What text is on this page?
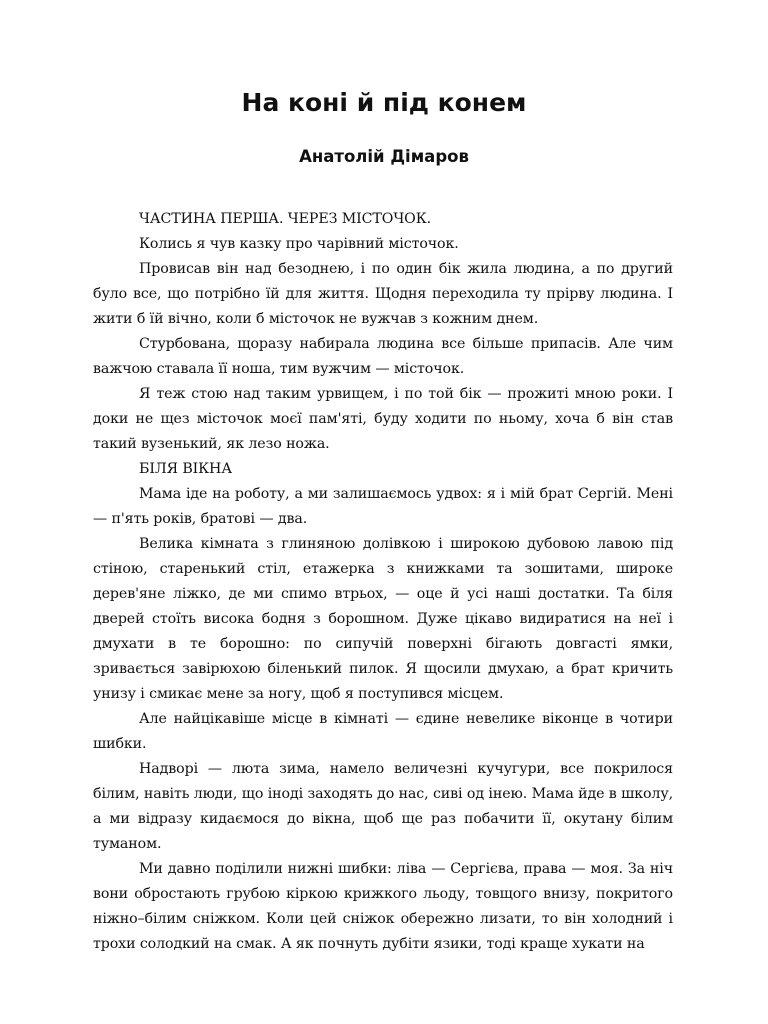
На коні й під конем
Анатолій Дімаров

ЧАСТИНА ПЕРША. ЧЕРЕЗ МІСТОЧОК.

Колись я чув казку про чарівний місточок.

Провисав він над безоднею, і по один бік жила людина, а по другий було все, що потрібно їй для життя. Щодня переходила ту прірву людина. І жити б їй вічно, коли б місточок не вужчав з кожним днем.

Стурбована, щоразу набирала людина все більше припасів. Але чим важчою ставала її ноша, тим вужчим — місточок.

Я теж стою над таким урвищем, і по той бік — прожиті мною роки. І доки не щез місточок моєї пам'яті, буду ходити по ньому, хоча б він став такий вузенький, як лезо ножа.

БІЛЯ ВІКНА

Мама іде на роботу, а ми залишаємось удвох: я і мій брат Сергій. Мені — п'ять років, братові — два.

Велика кімната з глиняною долівкою і широкою дубовою лавою під стіною, старенький стіл, етажерка з книжками та зошитами, широке дерев'яне ліжко, де ми спимо втрьох, — оце й усі наші достатки. Та біля дверей стоїть висока бодня з борошном. Дуже цікаво видиратися на неї і дмухати в те борошно: по сипучій поверхні бігають довгасті ямки, зривається завірюхою біленький пилок. Я щосили дмухаю, а брат кричить унизу і смикає мене за ногу, щоб я поступився місцем.

Але найцікавіше місце в кімнаті — єдине невелике віконце в чотири шибки.

Надворі — люта зима, намело величезні кучугури, все покрилося білим, навіть люди, що іноді заходять до нас, сиві од інею. Мама йде в школу, а ми відразу кидаємося до вікна, щоб ще раз побачити її, окутану білим туманом.

Ми давно поділили нижні шибки: ліва — Сергієва, права — моя. За ніч вони обростають грубою кіркою крижкого льоду, товщого внизу, покритого ніжно–білим сніжком. Коли цей сніжок обережно лизати, то він холодний і трохи солодкий на смак. А як почнуть дубіти язики, тоді краще хукати на
